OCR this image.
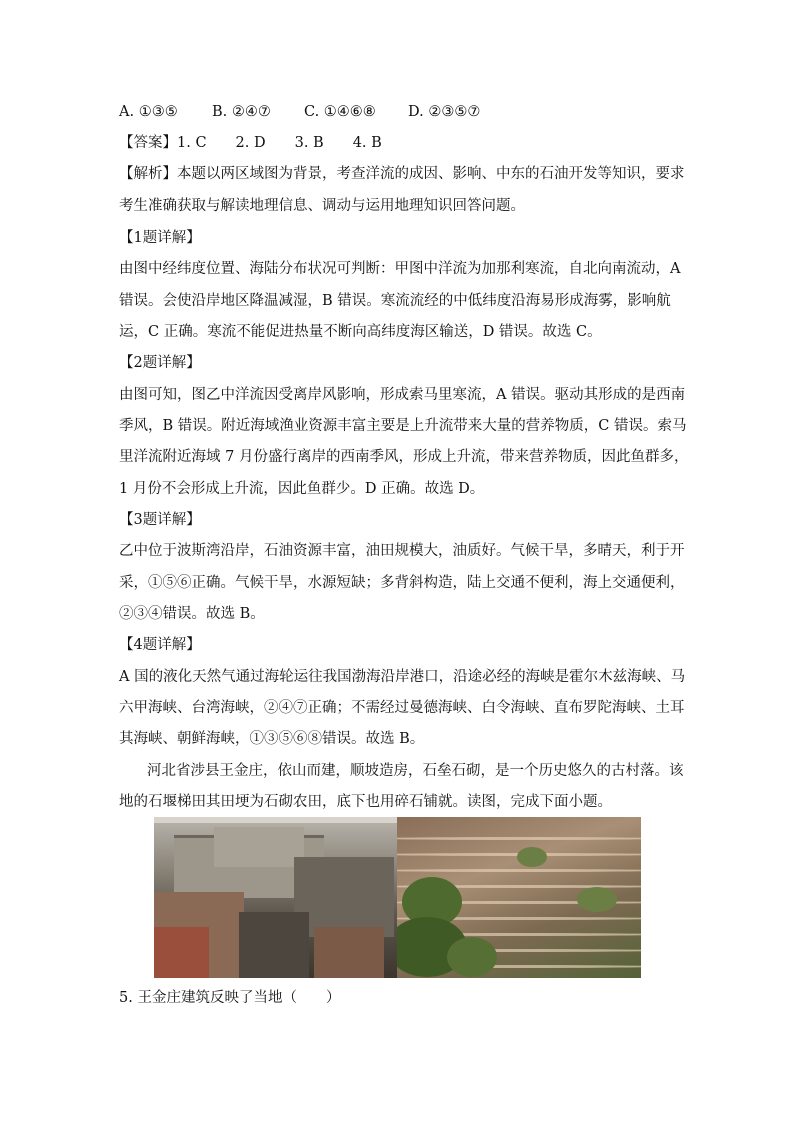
A. ①③⑤ B. ②④⑦ C. ①④⑥⑧ D. ②③⑤⑦
【答案】1. C　　2. D　　3. B　　4. B
【解析】本题以两区域图为背景，考查洋流的成因、影响、中东的石油开发等知识，要求
考生准确获取与解读地理信息、调动与运用地理知识回答问题。
【1题详解】
由图中经纬度位置、海陆分布状况可判断：甲图中洋流为加那利寒流，自北向南流动，A
错误。会使沿岸地区降温减湿，B 错误。寒流流经的中低纬度沿海易形成海雾，影响航
运，C 正确。寒流不能促进热量不断向高纬度海区输送，D 错误。故选 C。
【2题详解】
由图可知，图乙中洋流因受离岸风影响，形成索马里寒流，A 错误。驱动其形成的是西南
季风，B 错误。附近海域渔业资源丰富主要是上升流带来大量的营养物质，C 错误。索马
里洋流附近海域 7 月份盛行离岸的西南季风，形成上升流，带来营养物质，因此鱼群多，
1 月份不会形成上升流，因此鱼群少。D 正确。故选 D。
【3题详解】
乙中位于波斯湾沿岸，石油资源丰富，油田规模大，油质好。气候干旱，多晴天，利于开
采，①⑤⑥正确。气候干旱，水源短缺；多背斜构造，陆上交通不便利，海上交通便利，
②③④错误。故选 B。
【4题详解】
A 国的液化天然气通过海轮运往我国渤海沿岸港口，沿途必经的海峡是霍尔木兹海峡、马
六甲海峡、台湾海峡，②④⑦正确；不需经过曼德海峡、白令海峡、直布罗陀海峡、土耳
其海峡、朝鲜海峡，①③⑤⑥⑧错误。故选 B。
河北省涉县王金庄，依山而建，顺坡造房，石垒石砌，是一个历史悠久的古村落。该
地的石堰梯田其田埂为石砌农田，底下也用碎石铺就。读图，完成下面小题。
5. 王金庄建筑反映了当地（　　）
